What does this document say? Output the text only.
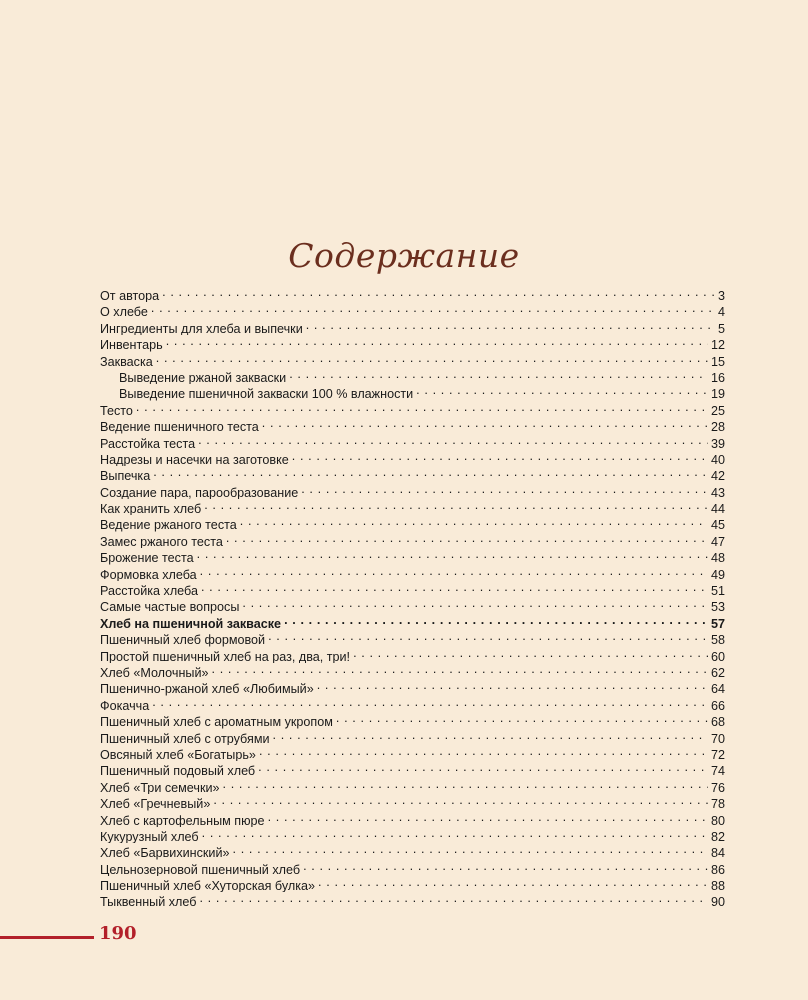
Содержание
От автора . . .	3
О хлебе . . .	4
Ингредиенты для хлеба и выпечки . . .	5
Инвентарь . . .	12
Закваска . . .	15
Выведение ржаной закваски . . .	16
Выведение пшеничной закваски 100 % влажности . . .	19
Тесто . . .	25
Ведение пшеничного теста . . .	28
Расстойка теста . . .	39
Надрезы и насечки на заготовке . . .	40
Выпечка . . .	42
Создание пара, парообразование . . .	43
Как хранить хлеб . . .	44
Ведение ржаного теста . . .	45
Замес ржаного теста . . .	47
Брожение теста . . .	48
Формовка хлеба . . .	49
Расстойка хлеба . . .	51
Самые частые вопросы . . .	53
Хлеб на пшеничной закваске . . .	57
Пшеничный хлеб формовой . . .	58
Простой пшеничный хлеб на раз, два, три! . . .	60
Хлеб «Молочный» . . .	62
Пшенично-ржаной хлеб «Любимый» . . .	64
Фокачча . . .	66
Пшеничный хлеб с ароматным укропом . . .	68
Пшеничный хлеб с отрубями . . .	70
Овсяный хлеб «Богатырь» . . .	72
Пшеничный подовый хлеб . . .	74
Хлеб «Три семечки» . . .	76
Хлеб «Гречневый» . . .	78
Хлеб с картофельным пюре . . .	80
Кукурузный хлеб . . .	82
Хлеб «Барвихинский» . . .	84
Цельнозерновой пшеничный хлеб . . .	86
Пшеничный хлеб «Хуторская булка» . . .	88
Тыквенный хлеб . . .	90
190
